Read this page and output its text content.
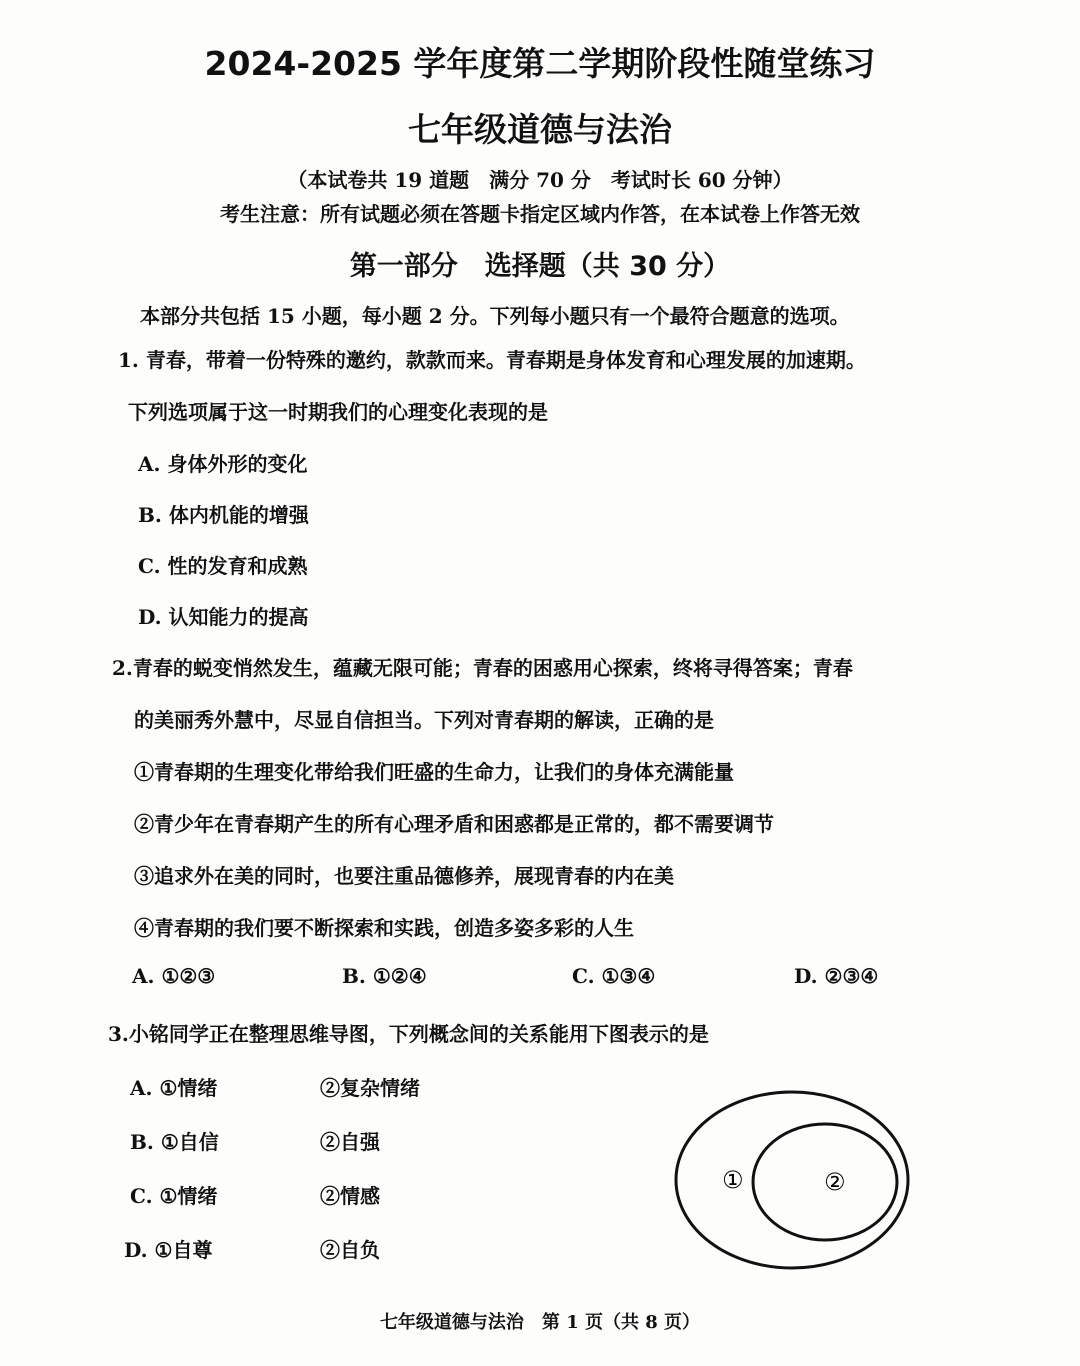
2024-2025 学年度第二学期阶段性随堂练习
七年级道德与法治
（本试卷共 19 道题　满分 70 分　考试时长 60 分钟）
考生注意：所有试题必须在答题卡指定区域内作答，在本试卷上作答无效
第一部分　选择题（共 30 分）
本部分共包括 15 小题，每小题 2 分。下列每小题只有一个最符合题意的选项。
1. 青春，带着一份特殊的邀约，款款而来。青春期是身体发育和心理发展的加速期。
下列选项属于这一时期我们的心理变化表现的是
A. 身体外形的变化
B. 体内机能的增强
C. 性的发育和成熟
D. 认知能力的提高
2.青春的蜕变悄然发生，蕴藏无限可能；青春的困惑用心探索，终将寻得答案；青春
的美丽秀外慧中，尽显自信担当。下列对青春期的解读，正确的是
①青春期的生理变化带给我们旺盛的生命力，让我们的身体充满能量
②青少年在青春期产生的所有心理矛盾和困惑都是正常的，都不需要调节
③追求外在美的同时，也要注重品德修养，展现青春的内在美
④青春期的我们要不断探索和实践，创造多姿多彩的人生
A. ①②③	B. ①②④	C. ①③④	D. ②③④
3.小铭同学正在整理思维导图，下列概念间的关系能用下图表示的是
A. ①情绪	②复杂情绪
B. ①自信	②自强
C. ①情绪	②情感
D. ①自尊	②自负
①	②
七年级道德与法治　第 1 页（共 8 页）
